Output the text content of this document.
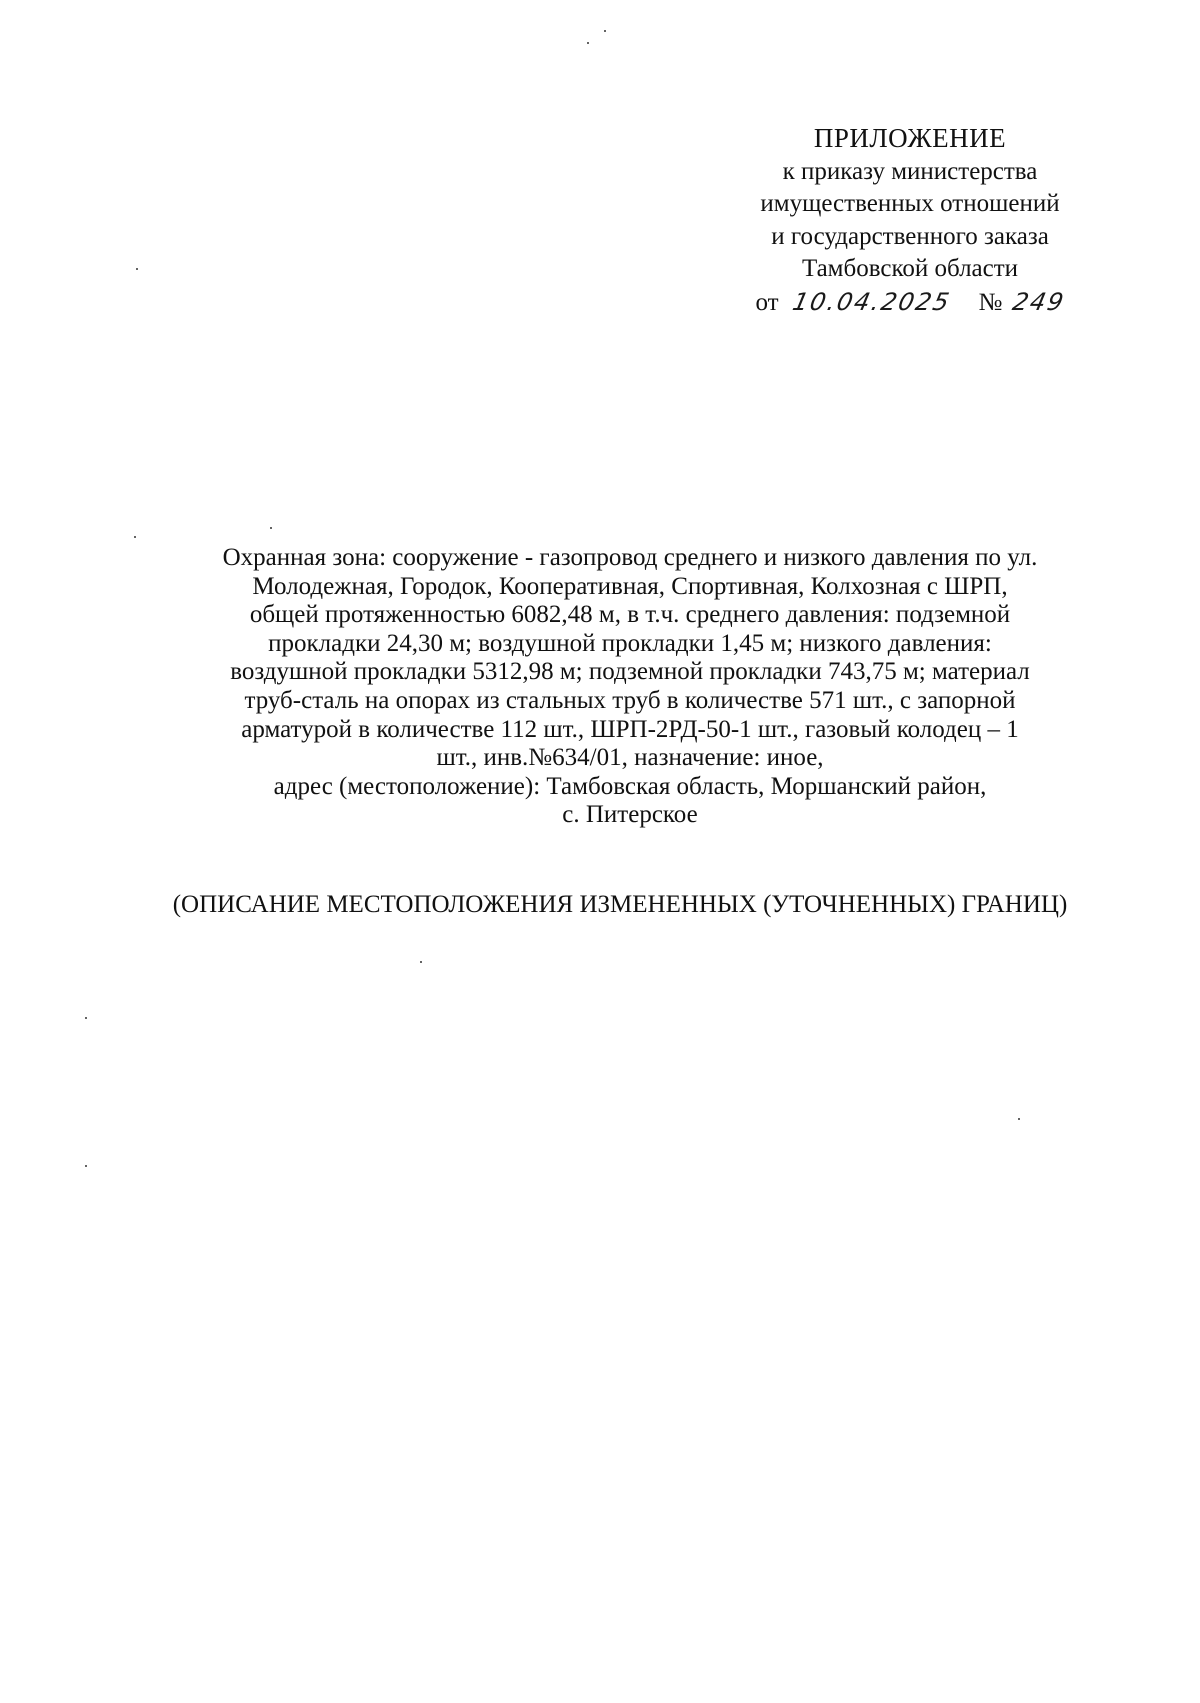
ПРИЛОЖЕНИЕ
к приказу министерства
имущественных отношений
и государственного заказа
Тамбовской области
от 10.04.2025 № 249
Охранная зона: сооружение - газопровод среднего и низкого давления по ул.
Молодежная, Городок, Кооперативная, Спортивная, Колхозная с ШРП,
общей протяженностью 6082,48 м, в т.ч. среднего давления: подземной
прокладки 24,30 м; воздушной прокладки 1,45 м; низкого давления:
воздушной прокладки 5312,98 м; подземной прокладки 743,75 м; материал
труб-сталь на опорах из стальных труб в количестве 571 шт., с запорной
арматурой в количестве 112 шт., ШРП-2РД-50-1 шт., газовый колодец – 1
шт., инв.№634/01, назначение: иное,
адрес (местоположение): Тамбовская область, Моршанский район,
с. Питерское
(ОПИСАНИЕ МЕСТОПОЛОЖЕНИЯ ИЗМЕНЕННЫХ (УТОЧНЕННЫХ) ГРАНИЦ)
